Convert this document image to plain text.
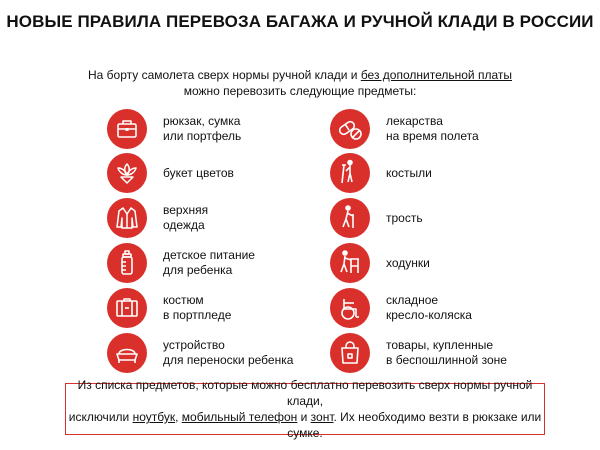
НОВЫЕ ПРАВИЛА ПЕРЕВОЗА БАГАЖА И РУЧНОЙ КЛАДИ В РОССИИ
На борту самолета сверх нормы ручной клади и без дополнительной платы
можно перевозить следующие предметы:
рюкзак, сумка
или портфель
букет цветов
верхняя
одежда
детское питание
для ребенка
костюм
в портпледе
устройство
для переноски ребенка
лекарства
на время полета
костыли
трость
ходунки
складное
кресло-коляска
товары, купленные
в беспошлинной зоне
Из списка предметов, которые можно бесплатно перевозить сверх нормы ручной клади,
исключили ноутбук, мобильный телефон и зонт. Их необходимо везти в рюкзаке или сумке.
